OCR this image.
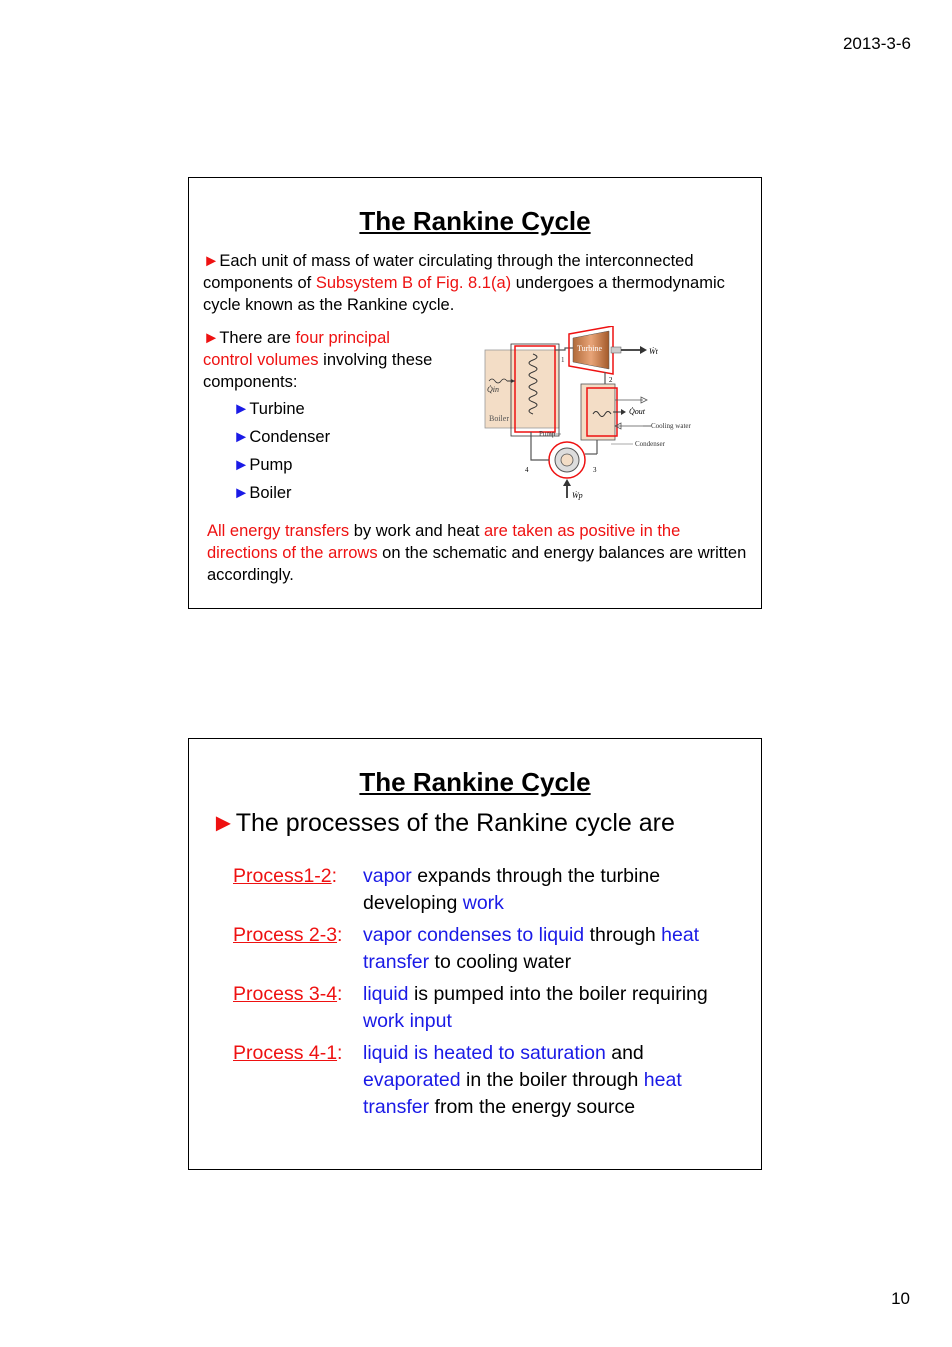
2013-3-6
The Rankine Cycle
►Each unit of mass of water circulating through the interconnected components of Subsystem B of Fig. 8.1(a) undergoes a thermodynamic cycle known as the Rankine cycle.
►There are four principal control volumes involving these components:
►Turbine
►Condenser
►Pump
►Boiler
Boiler
Q̇in
1
Turbine	Ẇt
2
Q̇out
Cooling water
Condenser
3
Pump
4
Ẇp
All energy transfers by work and heat are taken as positive in the directions of the arrows on the schematic and energy balances are written accordingly.
The Rankine Cycle
►The processes of the Rankine cycle are
Process1-2: vapor expands through the turbine developing work
Process 2-3: vapor condenses to liquid through heat transfer to cooling water
Process 3-4: liquid is pumped into the boiler requiring work input
Process 4-1: liquid is heated to saturation and evaporated in the boiler through heat transfer from the energy source
10
